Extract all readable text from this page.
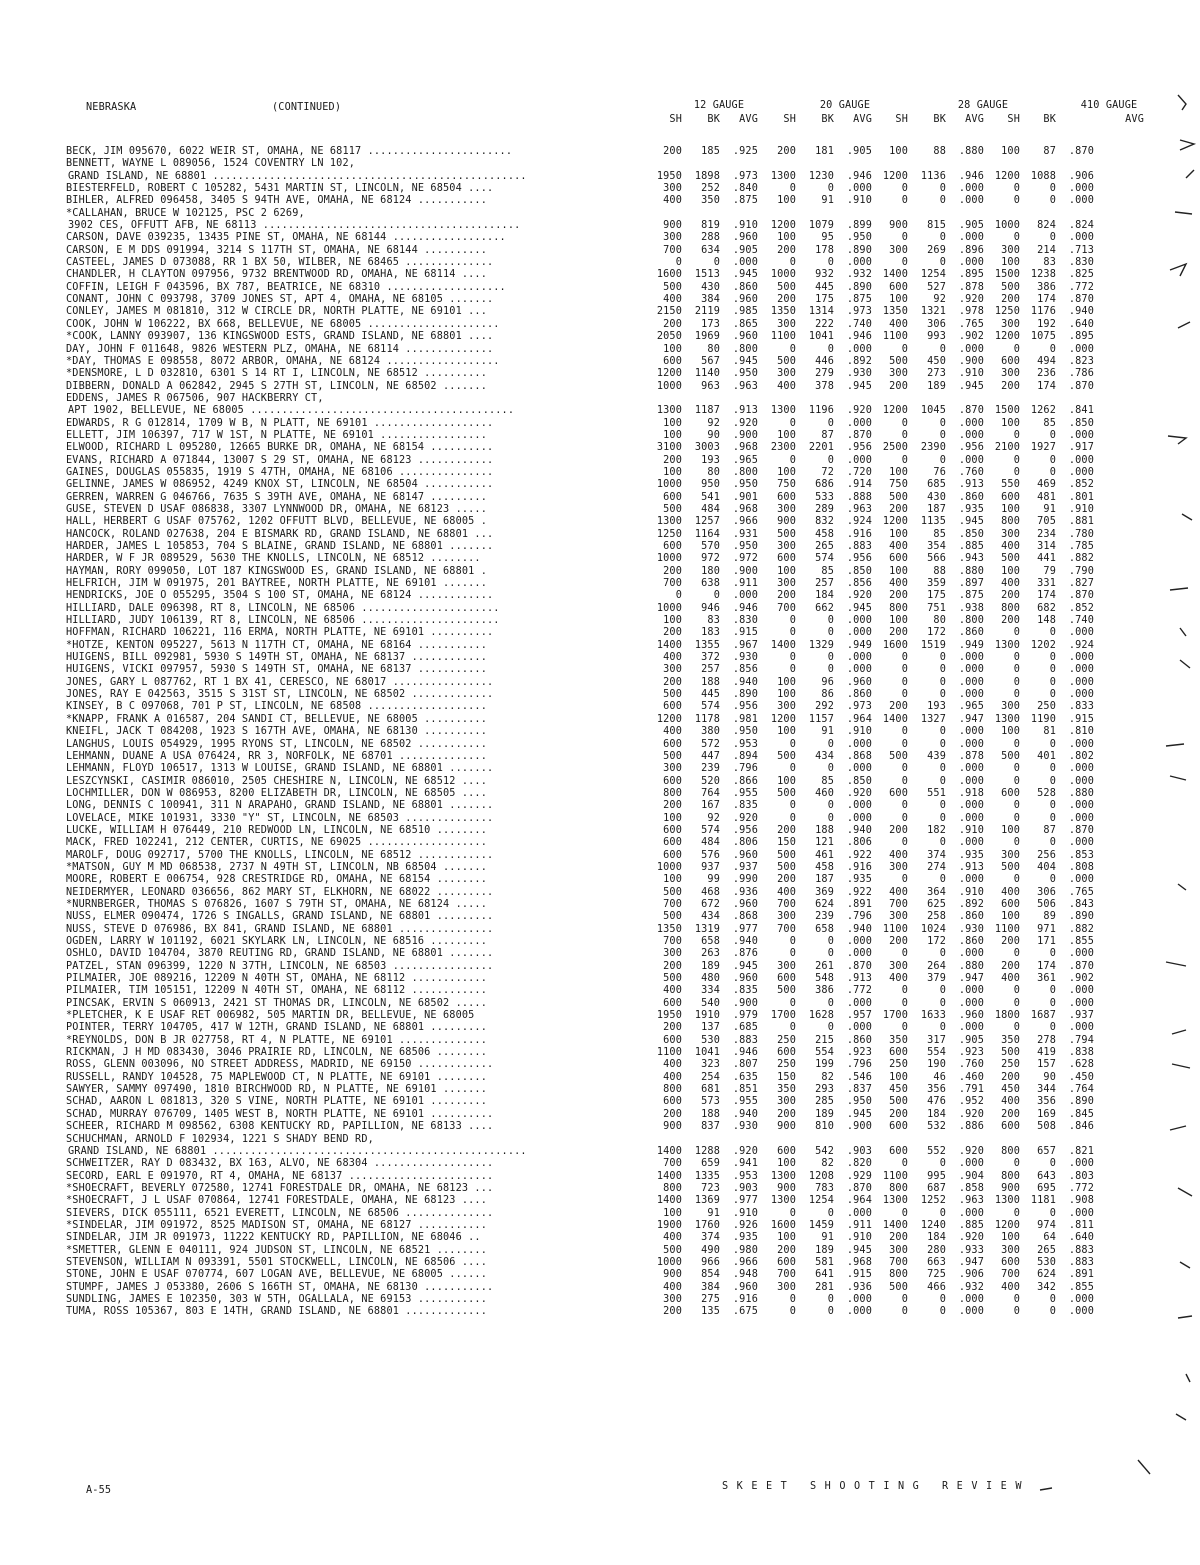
NEBRASKA	(CONTINUED)	12 GAUGE	20 GAUGE	28 GAUGE	410 GAUGE
SH	BK	AVG	SH	BK	AVG	SH	BK	AVG	SH	BK	AVG
BECK, JIM 095670, 6022 WEIR ST, OMAHA, NE 68117 .......................	200	185	.925	200	181	.905	100	88	.880	100	87	.870
BENNETT, WAYNE L 089056, 1524 COVENTRY LN 102,
GRAND ISLAND, NE 68801 ..................................................	1950	1898	.973	1300	1230	.946	1200	1136	.946	1200	1088	.906
BIESTERFELD, ROBERT C 105282, 5431 MARTIN ST, LINCOLN, NE 68504 ....	300	252	.840	0	0	.000	0	0	.000	0	0	.000
BIHLER, ALFRED 096458, 3405 S 94TH AVE, OMAHA, NE 68124 ...........	400	350	.875	100	91	.910	0	0	.000	0	0	.000
*CALLAHAN, BRUCE W 102125, PSC 2 6269,
3902 CES, OFFUTT AFB, NE 68113 .........................................	900	819	.910	1200	1079	.899	900	815	.905	1000	824	.824
CARSON, DAVE 039235, 13435 PINE ST, OMAHA, NE 68144 ..................	300	288	.960	100	95	.950	0	0	.000	0	0	.000
CARSON, E M DDS 091994, 3214 S 117TH ST, OMAHA, NE 68144 ..........	700	634	.905	200	178	.890	300	269	.896	300	214	.713
CASTEEL, JAMES D 073088, RR 1 BX 50, WILBER, NE 68465 ..............	0	0	.000	0	0	.000	0	0	.000	100	83	.830
CHANDLER, H CLAYTON 097956, 9732 BRENTWOOD RD, OMAHA, NE 68114 ....	1600	1513	.945	1000	932	.932	1400	1254	.895	1500	1238	.825
COFFIN, LEIGH F 043596, BX 787, BEATRICE, NE 68310 ...................	500	430	.860	500	445	.890	600	527	.878	500	386	.772
CONANT, JOHN C 093798, 3709 JONES ST, APT 4, OMAHA, NE 68105 .......	400	384	.960	200	175	.875	100	92	.920	200	174	.870
CONLEY, JAMES M 081810, 312 W CIRCLE DR, NORTH PLATTE, NE 69101 ...	2150	2119	.985	1350	1314	.973	1350	1321	.978	1250	1176	.940
COOK, JOHN W 106222, BX 668, BELLEVUE, NE 68005 .....................	200	173	.865	300	222	.740	400	306	.765	300	192	.640
*COOK, LANNY 093907, 136 KINGSWOOD ESTS, GRAND ISLAND, NE 68801 ....	2050	1969	.960	1100	1041	.946	1100	993	.902	1200	1075	.895
DAY, JOHN F 011648, 9826 WESTERN PLZ, OMAHA, NE 68114 ..............	100	80	.800	0	0	.000	0	0	.000	0	0	.000
*DAY, THOMAS E 098558, 8072 ARBOR, OMAHA, NE 68124 ..................	600	567	.945	500	446	.892	500	450	.900	600	494	.823
*DENSMORE, L D 032810, 6301 S 14 RT I, LINCOLN, NE 68512 ..........	1200	1140	.950	300	279	.930	300	273	.910	300	236	.786
DIBBERN, DONALD A 062842, 2945 S 27TH ST, LINCOLN, NE 68502 .......	1000	963	.963	400	378	.945	200	189	.945	200	174	.870
EDDENS, JAMES R 067506, 907 HACKBERRY CT,
APT 1902, BELLEVUE, NE 68005 ..........................................	1300	1187	.913	1300	1196	.920	1200	1045	.870	1500	1262	.841
EDWARDS, R G 012814, 1709 W B, N PLATT, NE 69101 ...................	100	92	.920	0	0	.000	0	0	.000	100	85	.850
ELLETT, JIM 106397, 717 W 1ST, N PLATTE, NE 69101 .................	100	90	.900	100	87	.870	0	0	.000	0	0	.000
ELWOOD, RICHARD L 095280, 12665 BURKE DR, OMAHA, NE 68154 ..........	3100	3003	.968	2300	2201	.956	2500	2390	.956	2100	1927	.917
EVANS, RICHARD A 071844, 13007 S 29 ST, OMAHA, NE 68123 ............	200	193	.965	0	0	.000	0	0	.000	0	0	.000
GAINES, DOUGLAS 055835, 1919 S 47TH, OMAHA, NE 68106 ...............	100	80	.800	100	72	.720	100	76	.760	0	0	.000
GELINNE, JAMES W 086952, 4249 KNOX ST, LINCOLN, NE 68504 ...........	1000	950	.950	750	686	.914	750	685	.913	550	469	.852
GERREN, WARREN G 046766, 7635 S 39TH AVE, OMAHA, NE 68147 .........	600	541	.901	600	533	.888	500	430	.860	600	481	.801
GUSE, STEVEN D USAF 086838, 3307 LYNNWOOD DR, OMAHA, NE 68123 .....	500	484	.968	300	289	.963	200	187	.935	100	91	.910
HALL, HERBERT G USAF 075762, 1202 OFFUTT BLVD, BELLEVUE, NE 68005 .	1300	1257	.966	900	832	.924	1200	1135	.945	800	705	.881
HANCOCK, ROLAND 027638, 204 E BISMARK RD, GRAND ISLAND, NE 68801 ...	1250	1164	.931	500	458	.916	100	85	.850	300	234	.780
HARDER, JAMES L 105853, 704 S BLAINE, GRAND ISLAND, NE 68801 .......	600	570	.950	300	265	.883	400	354	.885	400	314	.785
HARDER, W F JR 089529, 5630 THE KNOLLS, LINCOLN, NE 68512 ........	1000	972	.972	600	574	.956	600	566	.943	500	441	.882
HAYMAN, RORY 099050, LOT 187 KINGSWOOD ES, GRAND ISLAND, NE 68801 .	200	180	.900	100	85	.850	100	88	.880	100	79	.790
HELFRICH, JIM W 091975, 201 BAYTREE, NORTH PLATTE, NE 69101 .......	700	638	.911	300	257	.856	400	359	.897	400	331	.827
HENDRICKS, JOE O 055295, 3504 S 100 ST, OMAHA, NE 68124 ............	0	0	.000	200	184	.920	200	175	.875	200	174	.870
HILLIARD, DALE 096398, RT 8, LINCOLN, NE 68506 ......................	1000	946	.946	700	662	.945	800	751	.938	800	682	.852
HILLIARD, JUDY 106139, RT 8, LINCOLN, NE 68506 ......................	100	83	.830	0	0	.000	100	80	.800	200	148	.740
HOFFMAN, RICHARD 106221, 116 ERMA, NORTH PLATTE, NE 69101 ..........	200	183	.915	0	0	.000	200	172	.860	0	0	.000
*HOTZE, KENTON 095227, 5613 N 117TH CT, OMAHA, NE 68164 ...........	1400	1355	.967	1400	1329	.949	1600	1519	.949	1300	1202	.924
HUIGENS, BILL 092981, 5930 S 149TH ST, OMAHA, NE 68137 ............	400	372	.930	0	0	.000	0	0	.000	0	0	.000
HUIGENS, VICKI 097957, 5930 S 149TH ST, OMAHA, NE 68137 ...........	300	257	.856	0	0	.000	0	0	.000	0	0	.000
JONES, GARY L 087762, RT 1 BX 41, CERESCO, NE 68017 ................	200	188	.940	100	96	.960	0	0	.000	0	0	.000
JONES, RAY E 042563, 3515 S 31ST ST, LINCOLN, NE 68502 .............	500	445	.890	100	86	.860	0	0	.000	0	0	.000
KINSEY, B C 097068, 701 P ST, LINCOLN, NE 68508 ...................	600	574	.956	300	292	.973	200	193	.965	300	250	.833
*KNAPP, FRANK A 016587, 204 SANDI CT, BELLEVUE, NE 68005 ..........	1200	1178	.981	1200	1157	.964	1400	1327	.947	1300	1190	.915
KNEIFL, JACK T 084208, 1923 S 167TH AVE, OMAHA, NE 68130 ..........	400	380	.950	100	91	.910	0	0	.000	100	81	.810
LANGHUS, LOUIS 054929, 1995 RYONS ST, LINCOLN, NE 68502 ...........	600	572	.953	0	0	.000	0	0	.000	0	0	.000
LEHMANN, DUANE A USA 076424, RR 3, NORFOLK, NE 68701 ..............	500	447	.894	500	434	.868	500	439	.878	500	401	.802
LEHMANN, FLOYD 106517, 1313 W LOUISE, GRAND ISLAND, NE 68801 .......	300	239	.796	0	0	.000	0	0	.000	0	0	.000
LESZCYNSKI, CASIMIR 086010, 2505 CHESHIRE N, LINCOLN, NE 68512 ....	600	520	.866	100	85	.850	0	0	.000	0	0	.000
LOCHMILLER, DON W 086953, 8200 ELIZABETH DR, LINCOLN, NE 68505 ....	800	764	.955	500	460	.920	600	551	.918	600	528	.880
LONG, DENNIS C 100941, 311 N ARAPAHO, GRAND ISLAND, NE 68801 .......	200	167	.835	0	0	.000	0	0	.000	0	0	.000
LOVELACE, MIKE 101931, 3330 "Y" ST, LINCOLN, NE 68503 ..............	100	92	.920	0	0	.000	0	0	.000	0	0	.000
LUCKE, WILLIAM H 076449, 210 REDWOOD LN, LINCOLN, NE 68510 ........	600	574	.956	200	188	.940	200	182	.910	100	87	.870
MACK, FRED 102241, 212 CENTER, CURTIS, NE 69025 ...................	600	484	.806	150	121	.806	0	0	.000	0	0	.000
MAROLF, DOUG 092717, 5700 THE KNOLLS, LINCOLN, NE 68512 ............	600	576	.960	500	461	.922	400	374	.935	300	256	.853
*MATSON, GUY M MD 068538, 2737 N 49TH ST, LINCOLN, NB 68504 .......	1000	937	.937	500	458	.916	300	274	.913	500	404	.808
MOORE, ROBERT E 006754, 928 CRESTRIDGE RD, OMAHA, NE 68154 ........	100	99	.990	200	187	.935	0	0	.000	0	0	.000
NEIDERMYER, LEONARD 036656, 862 MARY ST, ELKHORN, NE 68022 .........	500	468	.936	400	369	.922	400	364	.910	400	306	.765
*NURNBERGER, THOMAS S 076826, 1607 S 79TH ST, OMAHA, NE 68124 .....	700	672	.960	700	624	.891	700	625	.892	600	506	.843
NUSS, ELMER 090474, 1726 S INGALLS, GRAND ISLAND, NE 68801 .........	500	434	.868	300	239	.796	300	258	.860	100	89	.890
NUSS, STEVE D 076986, BX 841, GRAND ISLAND, NE 68801 ...............	1350	1319	.977	700	658	.940	1100	1024	.930	1100	971	.882
OGDEN, LARRY W 101192, 6021 SKYLARK LN, LINCOLN, NE 68516 .........	700	658	.940	0	0	.000	200	172	.860	200	171	.855
OSHLO, DAVID 104704, 3870 REUTING RD, GRAND ISLAND, NE 68801 .......	300	263	.876	0	0	.000	0	0	.000	0	0	.000
PATZEL, STAN 096399, 1220 N 37TH, LINCOLN, NE 68503 ................	200	189	.945	300	261	.870	300	264	.880	200	174	.870
PILMAIER, JOE 089216, 12209 N 40TH ST, OMAHA, NE 68112 ............	500	480	.960	600	548	.913	400	379	.947	400	361	.902
PILMAIER, TIM 105151, 12209 N 40TH ST, OMAHA, NE 68112 ............	400	334	.835	500	386	.772	0	0	.000	0	0	.000
PINCSAK, ERVIN S 060913, 2421 ST THOMAS DR, LINCOLN, NE 68502 .....	600	540	.900	0	0	.000	0	0	.000	0	0	.000
*PLETCHER, K E USAF RET 006982, 505 MARTIN DR, BELLEVUE, NE 68005	1950	1910	.979	1700	1628	.957	1700	1633	.960	1800	1687	.937
POINTER, TERRY 104705, 417 W 12TH, GRAND ISLAND, NE 68801 .........	200	137	.685	0	0	.000	0	0	.000	0	0	.000
*REYNOLDS, DON B JR 027758, RT 4, N PLATTE, NE 69101 ..............	600	530	.883	250	215	.860	350	317	.905	350	278	.794
RICKMAN, J H MD 083430, 3046 PRAIRIE RD, LINCOLN, NE 68506 ........	1100	1041	.946	600	554	.923	600	554	.923	500	419	.838
ROSS, GLENN 003096, NO STREET ADDRESS, MADRID, NE 69150 ............	400	323	.807	250	199	.796	250	190	.760	250	157	.628
RUSSELL, RANDY 104528, 75 MAPLEWOOD CT, N PLATTE, NE 69101 ........	400	254	.635	150	82	.546	100	46	.460	200	90	.450
SAWYER, SAMMY 097490, 1810 BIRCHWOOD RD, N PLATTE, NE 69101 .......	800	681	.851	350	293	.837	450	356	.791	450	344	.764
SCHAD, AARON L 081813, 320 S VINE, NORTH PLATTE, NE 69101 .........	600	573	.955	300	285	.950	500	476	.952	400	356	.890
SCHAD, MURRAY 076709, 1405 WEST B, NORTH PLATTE, NE 69101 ..........	200	188	.940	200	189	.945	200	184	.920	200	169	.845
SCHEER, RICHARD M 098562, 6308 KENTUCKY RD, PAPILLION, NE 68133 ....	900	837	.930	900	810	.900	600	532	.886	600	508	.846
SCHUCHMAN, ARNOLD F 102934, 1221 S SHADY BEND RD,
GRAND ISLAND, NE 68801 ..................................................	1400	1288	.920	600	542	.903	600	552	.920	800	657	.821
SCHWEITZER, RAY D 083432, BX 163, ALVO, NE 68304 ...................	700	659	.941	100	82	.820	0	0	.000	0	0	.000
SECORD, EARL E 091970, RT 4, OMAHA, NE 68137 .......................	1400	1335	.953	1300	1208	.929	1100	995	.904	800	643	.803
*SHOECRAFT, BEVERLY 072580, 12741 FORESTDALE DR, OMAHA, NE 68123 ...	800	723	.903	900	783	.870	800	687	.858	900	695	.772
*SHOECRAFT, J L USAF 070864, 12741 FORESTDALE, OMAHA, NE 68123 ....	1400	1369	.977	1300	1254	.964	1300	1252	.963	1300	1181	.908
SIEVERS, DICK 055111, 6521 EVERETT, LINCOLN, NE 68506 ..............	100	91	.910	0	0	.000	0	0	.000	0	0	.000
*SINDELAR, JIM 091972, 8525 MADISON ST, OMAHA, NE 68127 ...........	1900	1760	.926	1600	1459	.911	1400	1240	.885	1200	974	.811
SINDELAR, JIM JR 091973, 11222 KENTUCKY RD, PAPILLION, NE 68046 ..	400	374	.935	100	91	.910	200	184	.920	100	64	.640
*SMETTER, GLENN E 040111, 924 JUDSON ST, LINCOLN, NE 68521 ........	500	490	.980	200	189	.945	300	280	.933	300	265	.883
STEVENSON, WILLIAM N 093391, 5501 STOCKWELL, LINCOLN, NE 68506 ....	1000	966	.966	600	581	.968	700	663	.947	600	530	.883
STONE, JOHN E USAF 070774, 607 LOGAN AVE, BELLEVUE, NE 68005 ......	900	854	.948	700	641	.915	800	725	.906	700	624	.891
STUMPF, JAMES J 053380, 2606 S 166TH ST, OMAHA, NE 68130 ...........	400	384	.960	300	281	.936	500	466	.932	400	342	.855
SUNDLING, JAMES E 102350, 303 W 5TH, OGALLALA, NE 69153 ...........	300	275	.916	0	0	.000	0	0	.000	0	0	.000
TUMA, ROSS 105367, 803 E 14TH, GRAND ISLAND, NE 68801 .............	200	135	.675	0	0	.000	0	0	.000	0	0	.000
A-55	S K E E T   S H O O T I N G   R E V I E W
